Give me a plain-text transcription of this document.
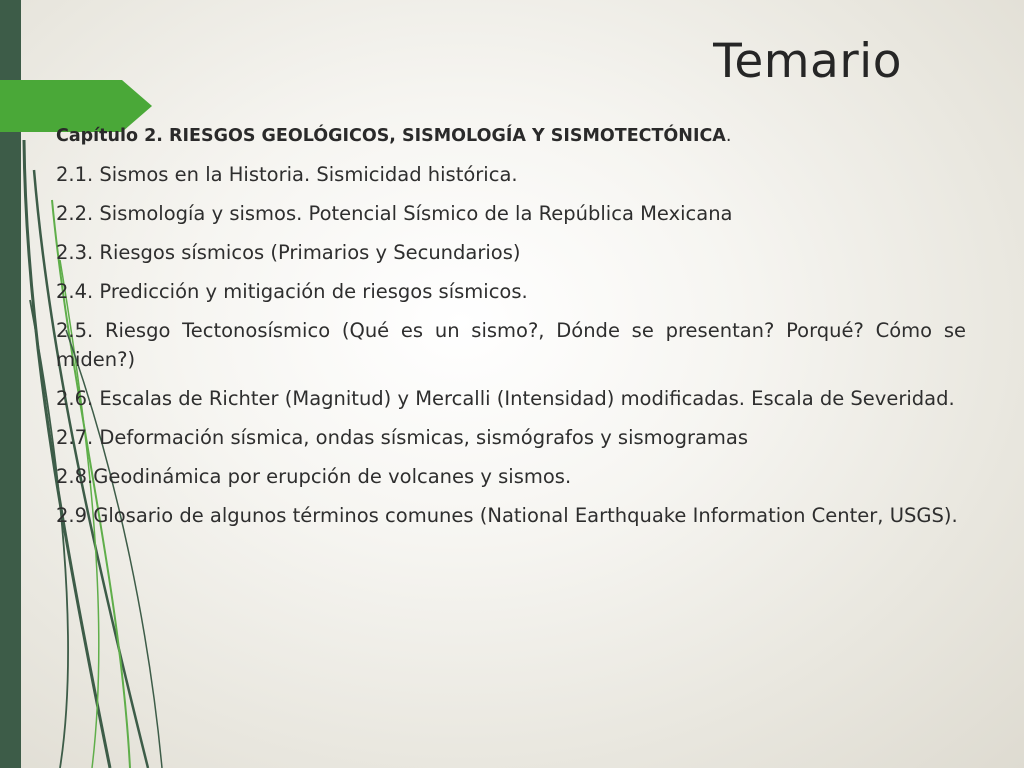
Temario
Capítulo 2. RIESGOS GEOLÓGICOS, SISMOLOGÍA Y SISMOTECTÓNICA.
2.1. Sismos en la Historia. Sismicidad histórica.
2.2. Sismología y sismos. Potencial Sísmico de la República Mexicana
2.3. Riesgos sísmicos (Primarios y Secundarios)
2.4. Predicción y mitigación de riesgos sísmicos.
2.5. Riesgo Tectonosísmico (Qué es un sismo?, Dónde se presentan? Porqué? Cómo se miden?)
2.6. Escalas de Richter (Magnitud) y Mercalli (Intensidad) modificadas. Escala de Severidad.
2.7. Deformación sísmica, ondas sísmicas, sismógrafos y sismogramas
2.8.Geodinámica por erupción de volcanes y sismos.
2.9 Glosario de algunos términos comunes (National Earthquake Information Center, USGS).
